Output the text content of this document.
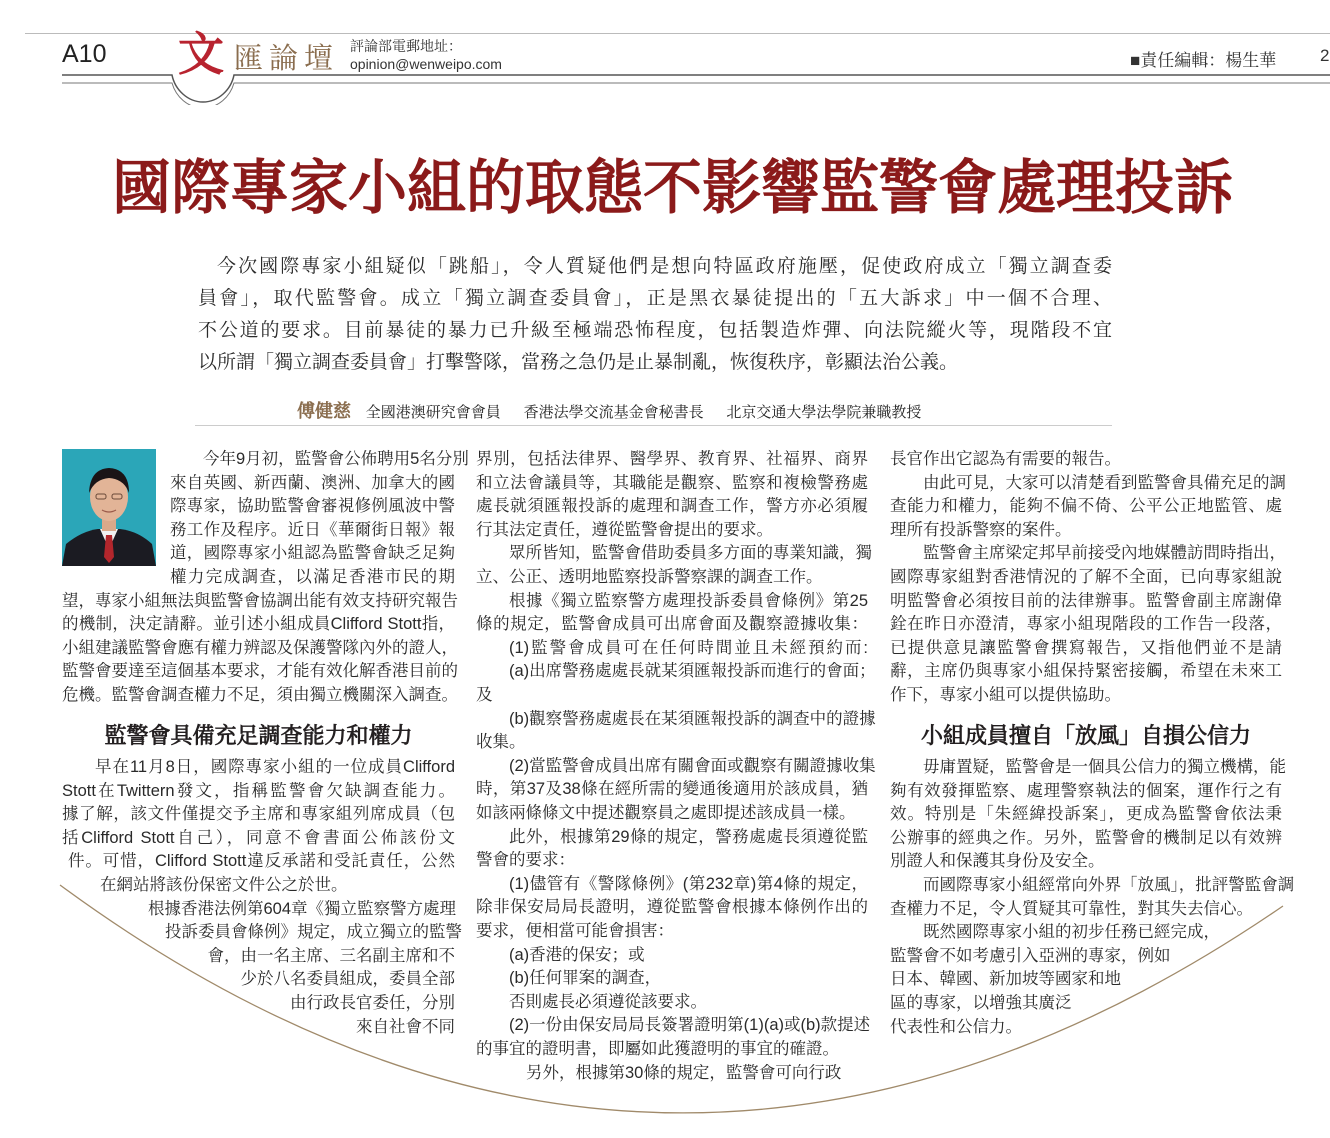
A10 文 匯論壇 評論部電郵地址：
opinion@wenweipo.com	■責任編輯：楊生華	2
國際專家小組的取態不影響監警會處理投訴
今次國際專家小組疑似「跳船」，令人質疑他們是想向特區政府施壓，促使政府成立「獨立調查委
員會」，取代監警會。成立「獨立調查委員會」，正是黑衣暴徒提出的「五大訴求」中一個不合理、
不公道的要求。目前暴徒的暴力已升級至極端恐怖程度，包括製造炸彈、向法院縱火等，現階段不宜
以所謂「獨立調查委員會」打擊警隊，當務之急仍是止暴制亂，恢復秩序，彰顯法治公義。
傅健慈 全國港澳研究會會員 香港法學交流基金會秘書長 北京交通大學法學院兼職教授
今年9月初，監警會公佈聘用5名分別
來自英國、新西蘭、澳洲、加拿大的國
際專家，協助監警會審視修例風波中警
務工作及程序。近日《華爾街日報》報
道，國際專家小組認為監警會缺乏足夠
權力完成調查，以滿足香港市民的期
望，專家小組無法與監警會協調出能有效支持研究報告
的機制，決定請辭。並引述小組成員Clifford Stott指，
小組建議監警會應有權力辨認及保護警隊內外的證人，
監警會要達至這個基本要求，才能有效化解香港目前的
危機。監警會調查權力不足，須由獨立機關深入調查。
監警會具備充足調查能力和權力
早在11月8日，國際專家小組的一位成員Clifford
Stott在Twittern發文，指稱監警會欠缺調查能力。
據了解，該文件僅提交予主席和專家組列席成員（包
括Clifford Stott自己），同意不會書面公佈該份文
件。可惜，Clifford Stott違反承諾和受託責任，公然
在網站將該份保密文件公之於世。
根據香港法例第604章《獨立監察警方處理
投訴委員會條例》規定，成立獨立的監警
會，由一名主席、三名副主席和不
少於八名委員組成，委員全部
由行政長官委任，分別
來自社會不同
界別，包括法律界、醫學界、教育界、社福界、商界
和立法會議員等，其職能是觀察、監察和複檢警務處
處長就須匯報投訴的處理和調查工作，警方亦必須履
行其法定責任，遵從監警會提出的要求。
眾所皆知，監警會借助委員多方面的專業知識，獨
立、公正、透明地監察投訴警察課的調查工作。
根據《獨立監察警方處理投訴委員會條例》第25
條的規定，監警會成員可出席會面及觀察證據收集：
(1)監警會成員可在任何時間並且未經預約而:
(a)出席警務處處長就某須匯報投訴而進行的會面；
及
(b)觀察警務處處長在某須匯報投訴的調查中的證據
收集。
(2)當監警會成員出席有關會面或觀察有關證據收集
時，第37及38條在經所需的變通後適用於該成員，猶
如該兩條條文中提述觀察員之處即提述該成員一樣。
此外，根據第29條的規定，警務處處長須遵從監
警會的要求：
(1)儘管有《警隊條例》(第232章)第4條的規定，
除非保安局局長證明，遵從監警會根據本條例作出的
要求，便相當可能會損害：
(a)香港的保安；或
(b)任何罪案的調查，
否則處長必須遵從該要求。
(2)一份由保安局局長簽署證明第(1)(a)或(b)款提述
的事宜的證明書，即屬如此獲證明的事宜的確證。
另外，根據第30條的規定，監警會可向行政
長官作出它認為有需要的報告。
由此可見，大家可以清楚看到監警會具備充足的調
查能力和權力，能夠不偏不倚、公平公正地監管、處
理所有投訴警察的案件。
監警會主席梁定邦早前接受內地媒體訪問時指出，
國際專家組對香港情況的了解不全面，已向專家組說
明監警會必須按目前的法律辦事。監警會副主席謝偉
銓在昨日亦澄清，專家小組現階段的工作告一段落，
已提供意見讓監警會撰寫報告，又指他們並不是請
辭，主席仍與專家小組保持緊密接觸，希望在未來工
作下，專家小組可以提供協助。
小組成員擅自「放風」自損公信力
毋庸置疑，監警會是一個具公信力的獨立機構，能
夠有效發揮監察、處理警察執法的個案，運作行之有
效。特別是「朱經緯投訴案」，更成為監警會依法秉
公辦事的經典之作。另外，監警會的機制足以有效辨
別證人和保護其身份及安全。
而國際專家小組經常向外界「放風」，批評警監會調
查權力不足，令人質疑其可靠性，對其失去信心。
既然國際專家小組的初步任務已經完成，
監警會不如考慮引入亞洲的專家，例如
日本、韓國、新加坡等國家和地
區的專家，以增強其廣泛
代表性和公信力。
